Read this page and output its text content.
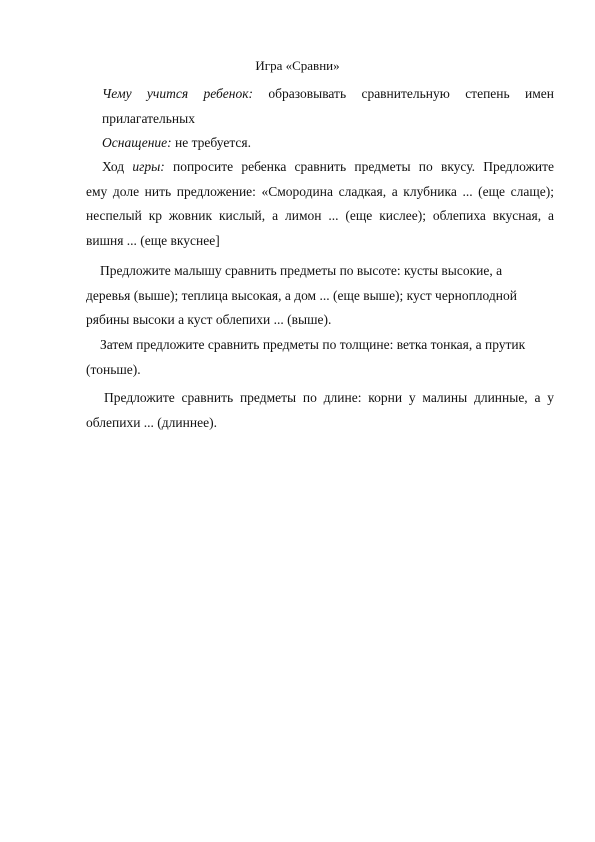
Игра «Сравни»
Чему учится ребенок: образовывать сравнительную степень имен
прилагательных
Оснащение: не требуется.
Ход игры: попросите ребенка сравнить предметы по вкусу. Предложите
ему доле нить предложение: «Смородина сладкая, а клубника ... (еще слаще);
неспелый кр жовник кислый, а лимон ... (еще кислее); облепиха вкусная, а
вишня ... (еще вкуснее]
Предложите малышу сравнить предметы по высоте: кусты высокие, а
деревья (выше); теплица высокая, а дом ... (еще выше); куст черноплодной
рябины высоки а куст облепихи ... (выше).
Затем предложите сравнить предметы по толщине: ветка тонкая, а прутик
(тоньше).
Предложите сравнить предметы по длине: корни у малины длинные, а у
облепихи ... (длиннее).
